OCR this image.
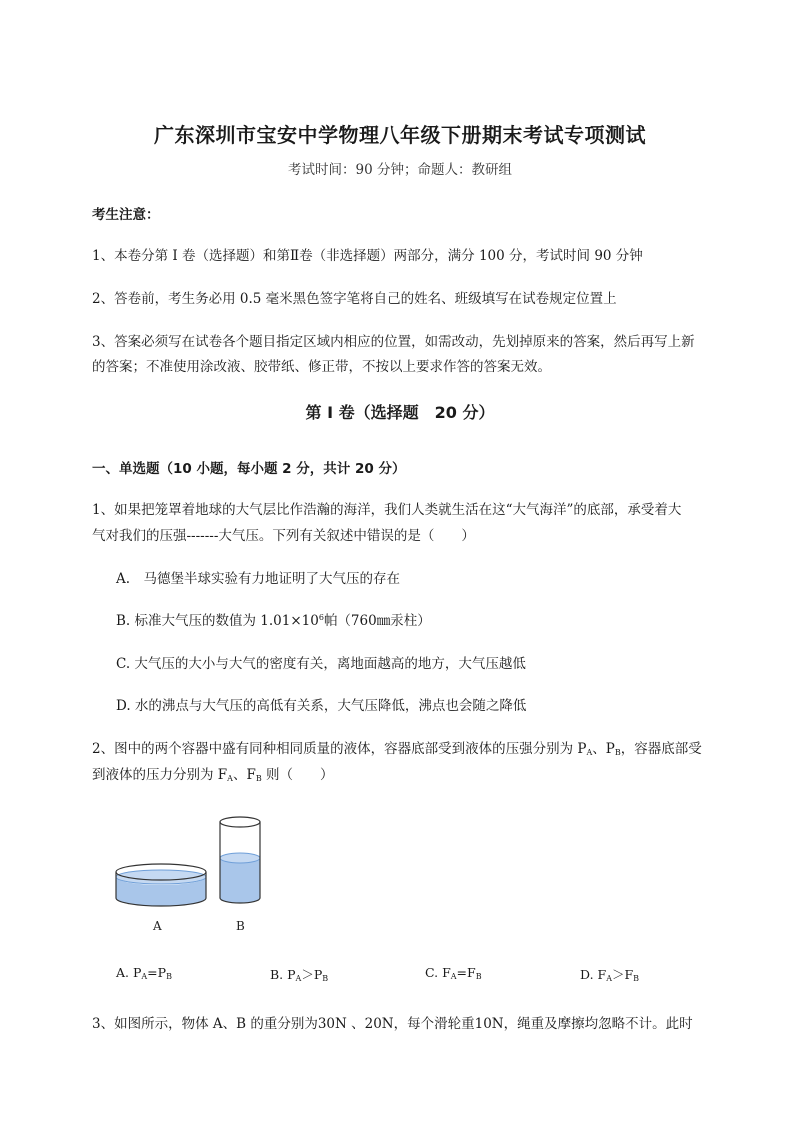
广东深圳市宝安中学物理八年级下册期末考试专项测试
考试时间：90 分钟；命题人：教研组
考生注意：
1、本卷分第 I 卷（选择题）和第Ⅱ卷（非选择题）两部分，满分 100 分，考试时间 90 分钟
2、答卷前，考生务必用 0.5 毫米黑色签字笔将自己的姓名、班级填写在试卷规定位置上
3、答案必须写在试卷各个题目指定区域内相应的位置，如需改动，先划掉原来的答案，然后再写上新
的答案；不准使用涂改液、胶带纸、修正带，不按以上要求作答的答案无效。
第 I 卷（选择题　20 分）
一、单选题（10 小题，每小题 2 分，共计 20 分）
1、如果把笼罩着地球的大气层比作浩瀚的海洋，我们人类就生活在这“大气海洋”的底部，承受着大
气对我们的压强-------大气压。下列有关叙述中错误的是（　　）
A.　马德堡半球实验有力地证明了大气压的存在
B. 标准大气压的数值为 $1.01\times 10^6$帕（760㎜汞柱）
C. 大气压的大小与大气的密度有关，离地面越高的地方，大气压越低
D. 水的沸点与大气压的高低有关系，大气压降低，沸点也会随之降低
2、图中的两个容器中盛有同种相同质量的液体，容器底部受到液体的压强分别为 $P_A$、$P_B$，容器底部受
到液体的压力分别为 $F_A$、$F_B$ 则（　　）
A	B
A. $P_A=P_B$	B. $P_A>P_B$	C. $F_A=F_B$	D. $F_A>F_B$
3、如图所示，物体 A、B 的重分别为30N 、20N，每个滑轮重10N，绳重及摩擦均忽略不计。此时
